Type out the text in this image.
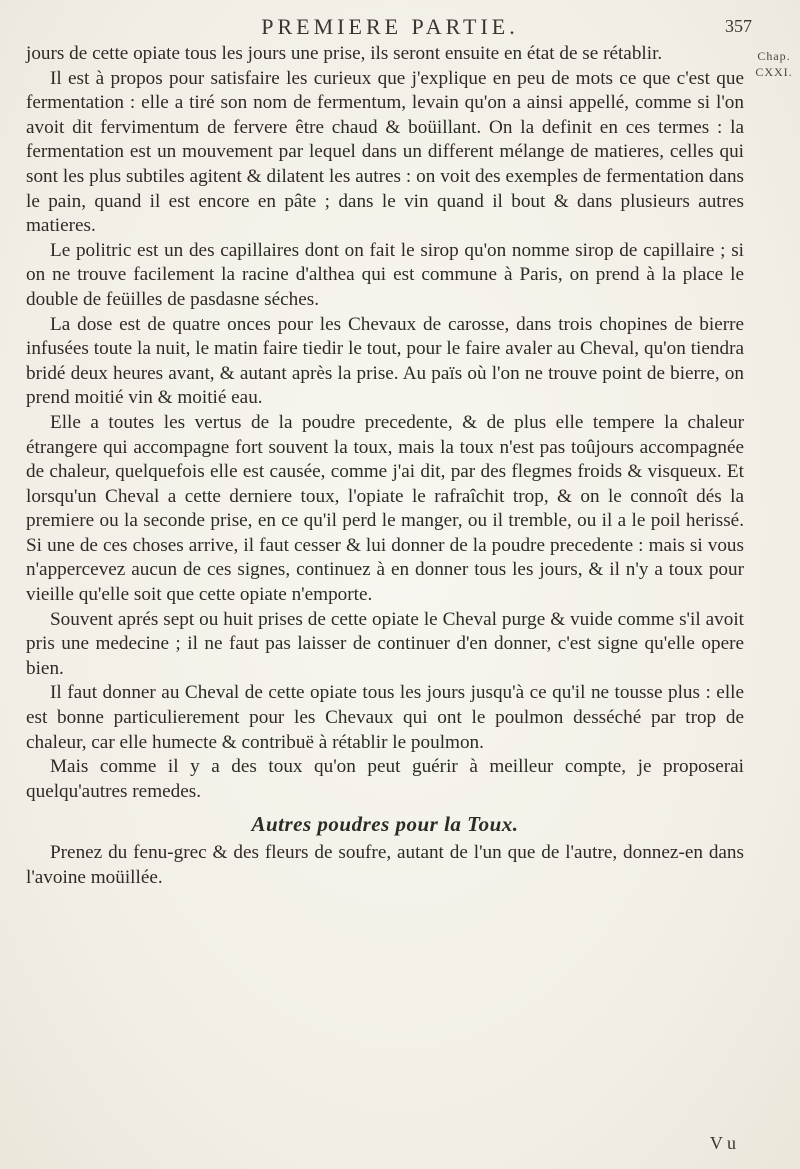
PREMIERE PARTIE.	357
Chap.
CXXI.

jours de cette opiate tous les jours une prise, ils seront ensuite en état de se rétablir.

Il est à propos pour satisfaire les curieux que j'explique en peu de mots ce que c'est que fermentation : elle a tiré son nom de fermentum, levain qu'on a ainsi appellé, comme si l'on avoit dit fervimentum de fervere être chaud & boüillant. On la definit en ces termes : la fermentation est un mouvement par lequel dans un different mélange de matieres, celles qui sont les plus subtiles agitent & dilatent les autres : on voit des exemples de fermentation dans le pain, quand il est encore en pâte ; dans le vin quand il bout & dans plusieurs autres matieres.

Le politric est un des capillaires dont on fait le sirop qu'on nomme sirop de capillaire ; si on ne trouve facilement la racine d'althea qui est commune à Paris, on prend à la place le double de feüilles de pasdasne séches.

La dose est de quatre onces pour les Chevaux de carosse, dans trois chopines de bierre infusées toute la nuit, le matin faire tiedir le tout, pour le faire avaler au Cheval, qu'on tiendra bridé deux heures avant, & autant après la prise. Au païs où l'on ne trouve point de bierre, on prend moitié vin & moitié eau.

Elle a toutes les vertus de la poudre precedente, & de plus elle tempere la chaleur étrangere qui accompagne fort souvent la toux, mais la toux n'est pas toûjours accompagnée de chaleur, quelquefois elle est causée, comme j'ai dit, par des flegmes froids & visqueux. Et lorsqu'un Cheval a cette derniere toux, l'opiate le rafraîchit trop, & on le connoît dés la premiere ou la seconde prise, en ce qu'il perd le manger, ou il tremble, ou il a le poil herissé. Si une de ces choses arrive, il faut cesser & lui donner de la poudre precedente : mais si vous n'appercevez aucun de ces signes, continuez à en donner tous les jours, & il n'y a toux pour vieille qu'elle soit que cette opiate n'emporte.

Souvent aprés sept ou huit prises de cette opiate le Cheval purge & vuide comme s'il avoit pris une medecine ; il ne faut pas laisser de continuer d'en donner, c'est signe qu'elle opere bien.

Il faut donner au Cheval de cette opiate tous les jours jusqu'à ce qu'il ne tousse plus : elle est bonne particulierement pour les Chevaux qui ont le poulmon desséché par trop de chaleur, car elle humecte & contribuë à rétablir le poulmon.

Mais comme il y a des toux qu'on peut guérir à meilleur compte, je proposerai quelqu'autres remedes.

Autres poudres pour la Toux.

Prenez du fenu-grec & des fleurs de soufre, autant de l'un que de l'autre, donnez-en dans l'avoine moüillée.

V u
